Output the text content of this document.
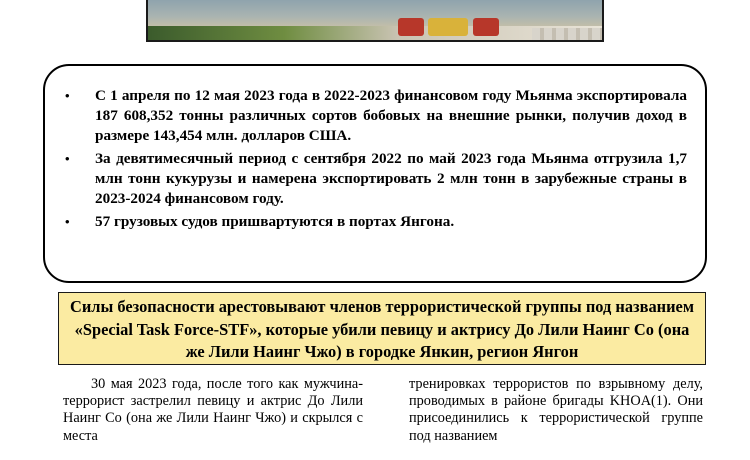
• С 1 апреля по 12 мая 2023 года в 2022-2023 финансовом году Мьянма экспортировала 187 608,352 тонны различных сортов бобовых на внешние рынки, получив доход в размере 143,454 млн. долларов США.
• За девятимесячный период с сентября 2022 по май 2023 года Мьянма отгрузила 1,7 млн тонн кукурузы и намерена экспортировать 2 млн тонн в зарубежные страны в 2023-2024 финансовом году.
• 57 грузовых судов пришвартуются в портах Янгона.
Силы безопасности арестовывают членов террористической группы под названием «Special Task Force-STF», которые убили певицу и актрису До Лили Наинг Со (она же Лили Наинг Чжо) в городке Янкин, регион Янгон
30 мая 2023 года, после того как мужчина-террорист застрелил певицу и актрис До Лили Наинг Со (она же Лили Наинг Чжо) и скрылся с места
тренировках террористов по взрывному делу, проводимых в районе бригады KHOA(1). Они присоединились к террористической группе под названием
